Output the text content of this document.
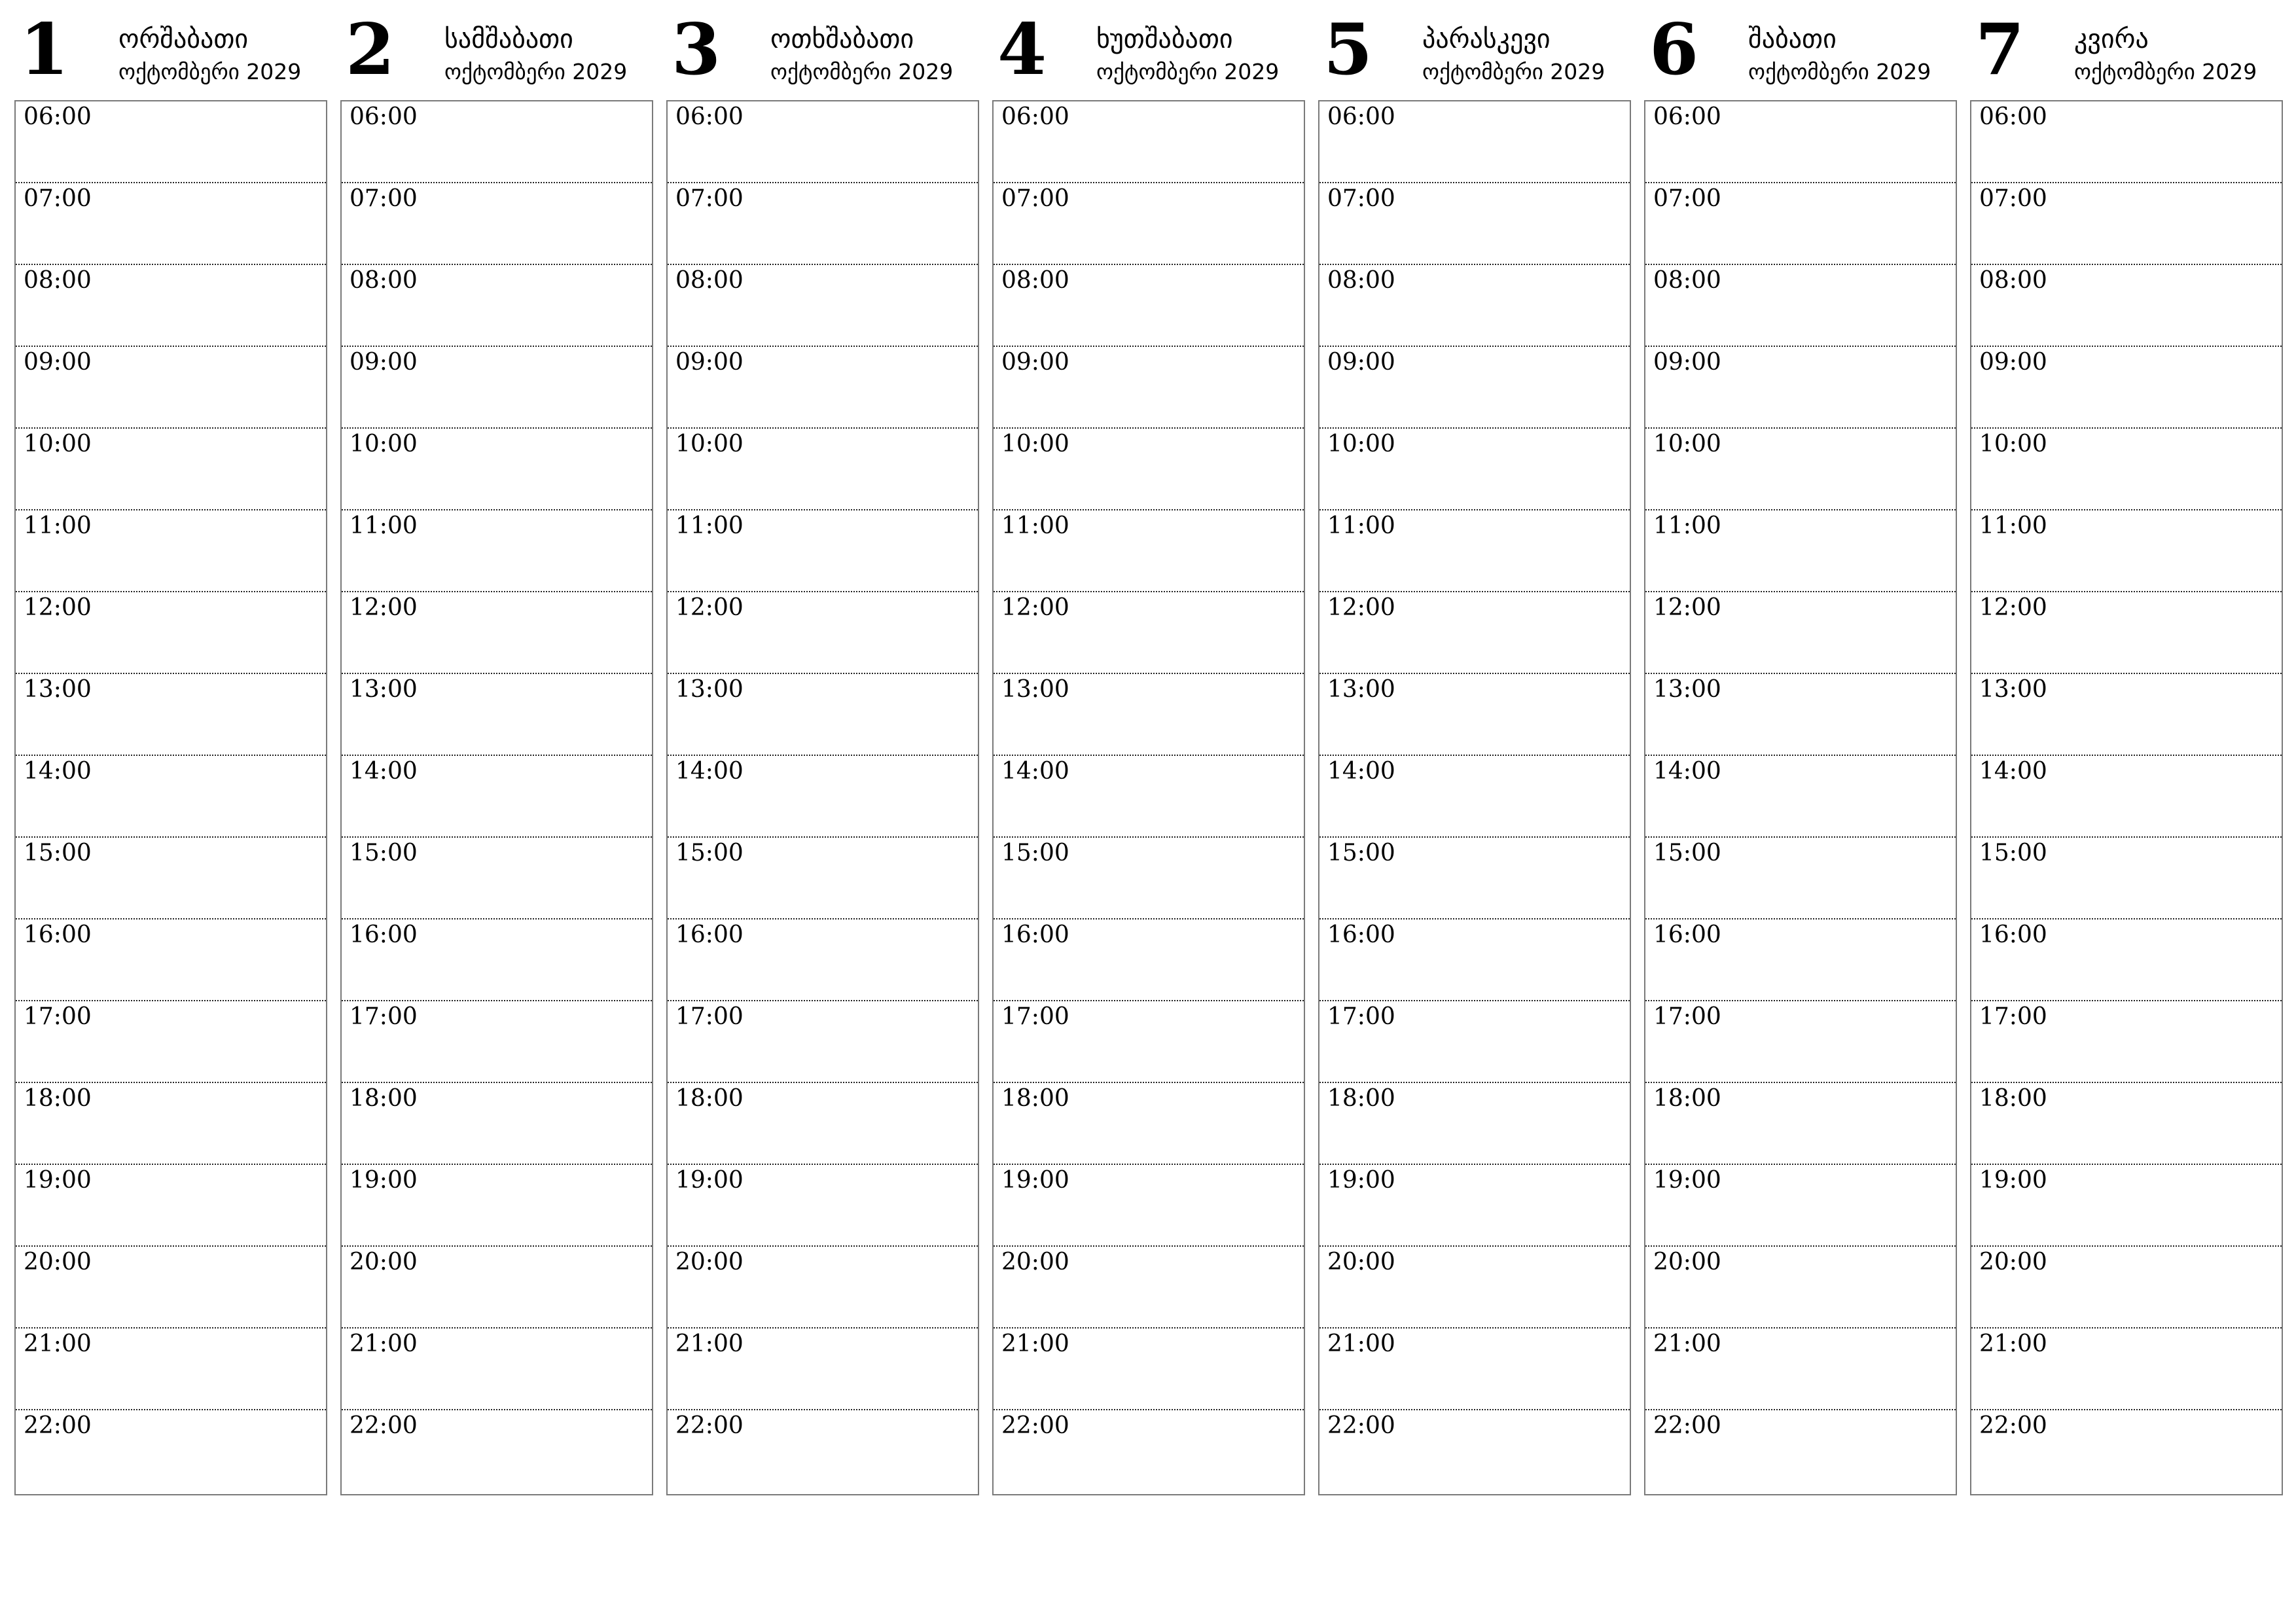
1 ორშაბათი
ოქტომბერი 2029
06:00
07:00
08:00
09:00
10:00
11:00
12:00
13:00
14:00
15:00
16:00
17:00
18:00
19:00
20:00
21:00
22:00
2 სამშაბათი
ოქტომბერი 2029
06:00
07:00
08:00
09:00
10:00
11:00
12:00
13:00
14:00
15:00
16:00
17:00
18:00
19:00
20:00
21:00
22:00
3 ოთხშაბათი
ოქტომბერი 2029
06:00
07:00
08:00
09:00
10:00
11:00
12:00
13:00
14:00
15:00
16:00
17:00
18:00
19:00
20:00
21:00
22:00
4 ხუთშაბათი
ოქტომბერი 2029
06:00
07:00
08:00
09:00
10:00
11:00
12:00
13:00
14:00
15:00
16:00
17:00
18:00
19:00
20:00
21:00
22:00
5 პარასკევი
ოქტომბერი 2029
06:00
07:00
08:00
09:00
10:00
11:00
12:00
13:00
14:00
15:00
16:00
17:00
18:00
19:00
20:00
21:00
22:00
6 შაბათი
ოქტომბერი 2029
06:00
07:00
08:00
09:00
10:00
11:00
12:00
13:00
14:00
15:00
16:00
17:00
18:00
19:00
20:00
21:00
22:00
7 კვირა
ოქტომბერი 2029
06:00
07:00
08:00
09:00
10:00
11:00
12:00
13:00
14:00
15:00
16:00
17:00
18:00
19:00
20:00
21:00
22:00
